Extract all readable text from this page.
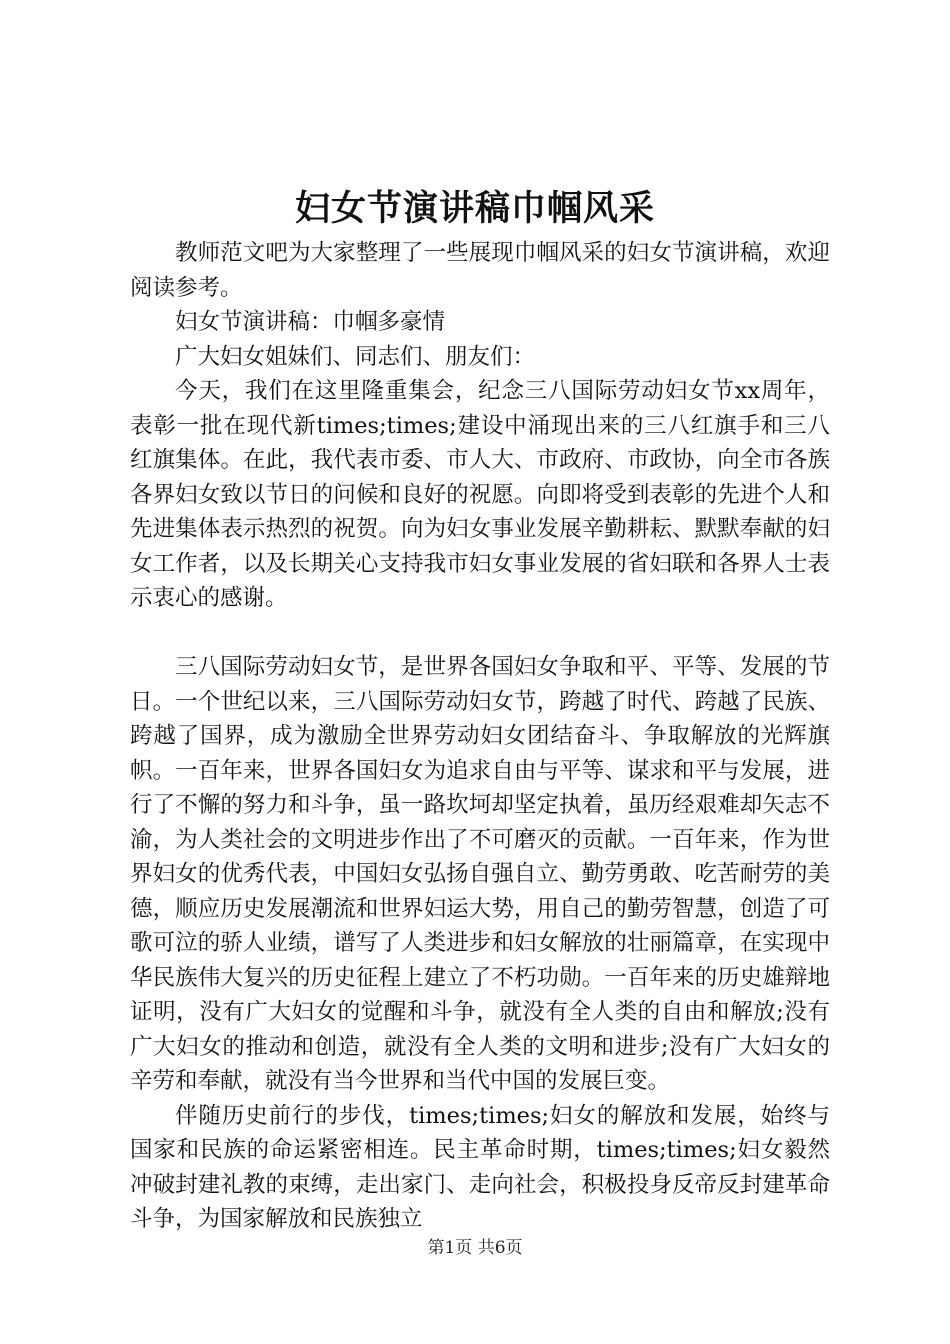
妇女节演讲稿巾帼风采

教师范文吧为大家整理了一些展现巾帼风采的妇女节演讲稿，欢迎阅读参考。

妇女节演讲稿：巾帼多豪情

广大妇女姐妹们、同志们、朋友们：

今天，我们在这里隆重集会，纪念三八国际劳动妇女节xx周年，表彰一批在现代新times;times;建设中涌现出来的三八红旗手和三八红旗集体。在此，我代表市委、市人大、市政府、市政协，向全市各族各界妇女致以节日的问候和良好的祝愿。向即将受到表彰的先进个人和先进集体表示热烈的祝贺。向为妇女事业发展辛勤耕耘、默默奉献的妇女工作者，以及长期关心支持我市妇女事业发展的省妇联和各界人士表示衷心的感谢。

三八国际劳动妇女节，是世界各国妇女争取和平、平等、发展的节日。一个世纪以来，三八国际劳动妇女节，跨越了时代、跨越了民族、跨越了国界，成为激励全世界劳动妇女团结奋斗、争取解放的光辉旗帜。一百年来，世界各国妇女为追求自由与平等、谋求和平与发展，进行了不懈的努力和斗争，虽一路坎坷却坚定执着，虽历经艰难却矢志不渝，为人类社会的文明进步作出了不可磨灭的贡献。一百年来，作为世界妇女的优秀代表，中国妇女弘扬自强自立、勤劳勇敢、吃苦耐劳的美德，顺应历史发展潮流和世界妇运大势，用自己的勤劳智慧，创造了可歌可泣的骄人业绩，谱写了人类进步和妇女解放的壮丽篇章，在实现中华民族伟大复兴的历史征程上建立了不朽功勋。一百年来的历史雄辩地证明，没有广大妇女的觉醒和斗争，就没有全人类的自由和解放;没有广大妇女的推动和创造，就没有全人类的文明和进步;没有广大妇女的辛劳和奉献，就没有当今世界和当代中国的发展巨变。

伴随历史前行的步伐，times;times;妇女的解放和发展，始终与国家和民族的命运紧密相连。民主革命时期，times;times;妇女毅然冲破封建礼教的束缚，走出家门、走向社会，积极投身反帝反封建革命斗争，为国家解放和民族独立

第1页 共6页
